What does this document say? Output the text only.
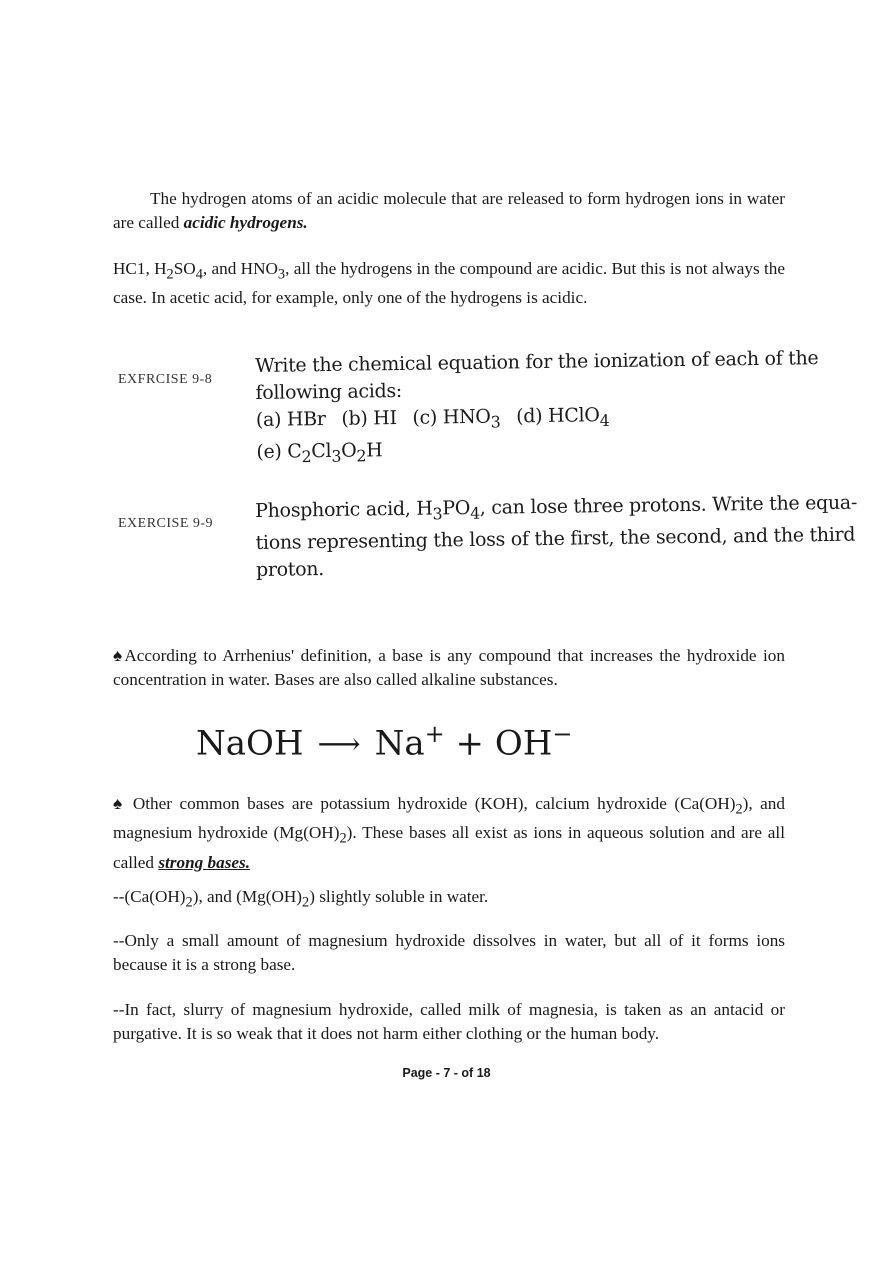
The hydrogen atoms of an acidic molecule that are released to form hydrogen ions in water are called acidic hydrogens.

HC1, $H_2SO_4$, and $HNO_3$, all the hydrogens in the compound are acidic. But this is not always the case. In acetic acid, for example, only one of the hydrogens is acidic.

EXFRCISE 9-8
Write the chemical equation for the ionization of each of the
following acids:
(a) HBr (b) HI (c) $HNO_3$ (d) HClO$_4$
(e) $C_2Cl_3O_2H$
EXERCISE 9-9
Phosphoric acid, $H_3PO_4$, can lose three protons. Write the equa-
tions representing the loss of the first, the second, and the third
proton.

♠According to Arrhenius' definition, a base is any compound that increases the hydroxide ion concentration in water. Bases are also called alkaline substances.

NaOH ⟶ Na+ + OH−

♠ Other common bases are potassium hydroxide (KOH), calcium hydroxide $(Ca(OH)_2)$, and magnesium hydroxide $(Mg(OH)_2)$. These bases all exist as ions in aqueous solution and are all called strong bases.

$--(Ca(OH)_2)$, and $(Mg(OH)_2)$ slightly soluble in water.

--Only a small amount of magnesium hydroxide dissolves in water, but all of it forms ions because it is a strong base.

--In fact, slurry of magnesium hydroxide, called milk of magnesia, is taken as an antacid or purgative. It is so weak that it does not harm either clothing or the human body.

Page - 7 - of 18
